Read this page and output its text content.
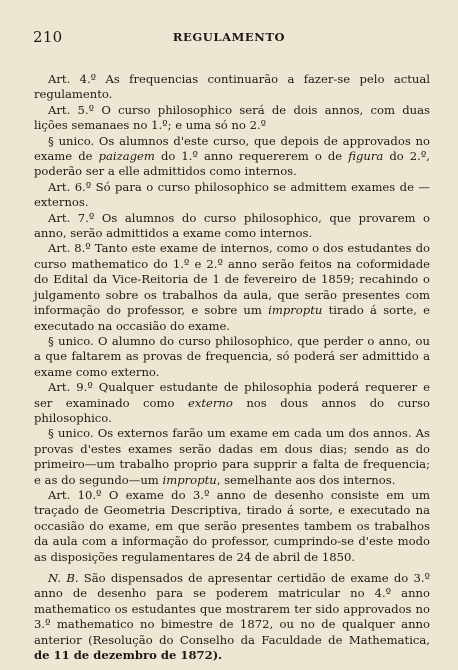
210	REGULAMENTO

Art. 4.º As frequencias continuarão a fazer-se pelo actual regulamento.

Art. 5.º O curso philosophico será de dois annos, com duas lições semanaes no 1.º; e uma só no 2.º

§ unico. Os alumnos d'este curso, que depois de approvados no exame de paizagem do 1.º anno requererem o de figura do 2.º, poderão ser a elle admittidos como internos.

Art. 6.º Só para o curso philosophico se admittem exames de —externos.

Art. 7.º Os alumnos do curso philosophico, que provarem o anno, serão admittidos a exame como internos.

Art. 8.º Tanto este exame de internos, como o dos estudantes do curso mathematico do 1.º e 2.º anno serão feitos na coformidade do Edital da Vice-Reitoria de 1 de fevereiro de 1859; recahindo o julgamento sobre os trabalhos da aula, que serão presentes com informação do professor, e sobre um improptu tirado á sorte, e executado na occasião do exame.

§ unico. O alumno do curso philosophico, que perder o anno, ou a que faltarem as provas de frequencia, só poderá ser admittido a exame como externo.

Art. 9.º Qualquer estudante de philosophia poderá requerer e ser examinado como externo nos dous annos do curso philosophico.

§ unico. Os externos farão um exame em cada um dos annos. As provas d'estes exames serão dadas em dous dias; sendo as do primeiro—um trabalho proprio para supprir a falta de frequencia; e as do segundo—um improptu, semelhante aos dos internos.

Art. 10.º O exame do 3.º anno de desenho consiste em um traçado de Geometria Descriptiva, tirado á sorte, e executado na occasião do exame, em que serão presentes tambem os trabalhos da aula com a informação do professor, cumprindo-se d'este modo as disposições regulamentares de 24 de abril de 1850.

N. B. São dispensados de apresentar certidão de exame do 3.º anno de desenho para se poderem matricular no 4.º anno mathematico os estudantes que mostrarem ter sido approvados no 3.º mathematico no bimestre de 1872, ou no de qualquer anno anterior (Resolução do Conselho da Faculdade de Mathematica, de 11 de dezembro de 1872).
